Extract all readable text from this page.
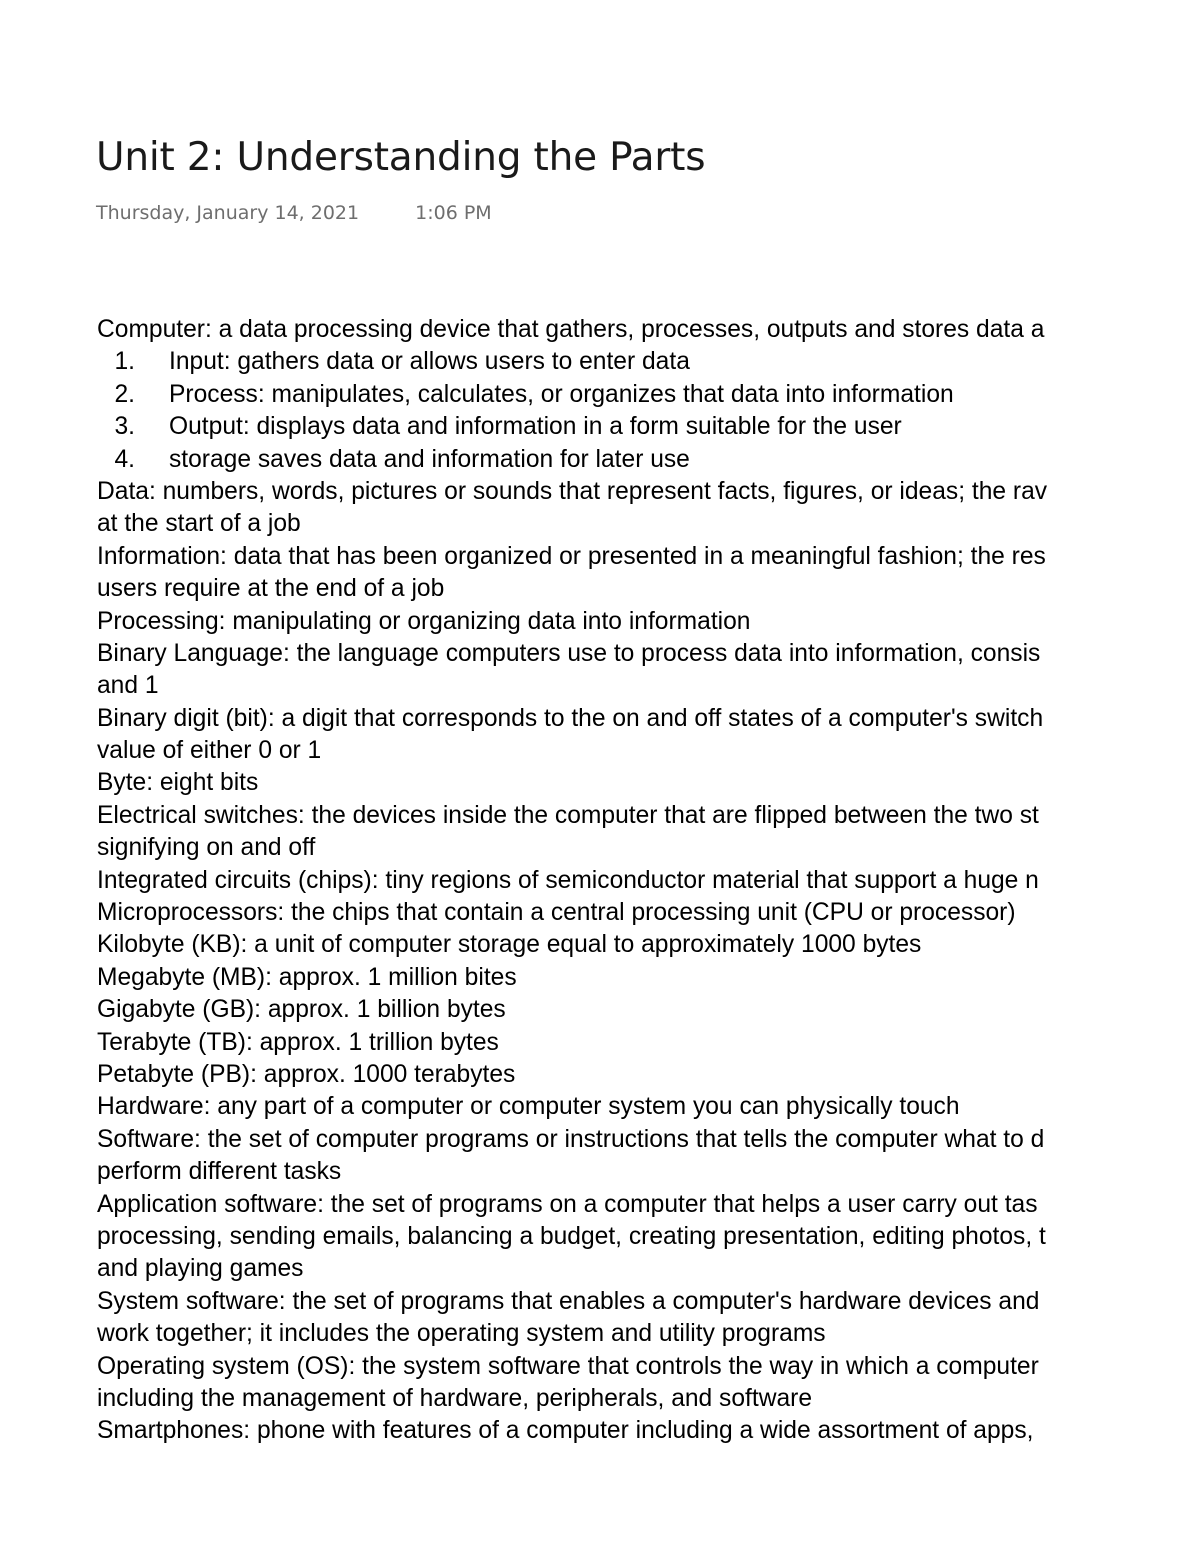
Unit 2: Understanding the Parts
Thursday, January 14, 2021	1:06 PM
Computer: a data processing device that gathers, processes, outputs and stores data a
1. Input: gathers data or allows users to enter data
2. Process: manipulates, calculates, or organizes that data into information
3. Output: displays data and information in a form suitable for the user
4. storage saves data and information for later use
Data: numbers, words, pictures or sounds that represent facts, figures, or ideas; the rav
at the start of a job
Information: data that has been organized or presented in a meaningful fashion; the res
users require at the end of a job
Processing: manipulating or organizing data into information
Binary Language: the language computers use to process data into information, consis
and 1
Binary digit (bit): a digit that corresponds to the on and off states of a computer's switch
value of either 0 or 1
Byte: eight bits
Electrical switches: the devices inside the computer that are flipped between the two st
signifying on and off
Integrated circuits (chips): tiny regions of semiconductor material that support a huge n
Microprocessors: the chips that contain a central processing unit (CPU or processor)
Kilobyte (KB): a unit of computer storage equal to approximately 1000 bytes
Megabyte (MB): approx. 1 million bites
Gigabyte (GB): approx. 1 billion bytes
Terabyte (TB): approx. 1 trillion bytes
Petabyte (PB): approx. 1000 terabytes
Hardware: any part of a computer or computer system you can physically touch
Software: the set of computer programs or instructions that tells the computer what to d
perform different tasks
Application software: the set of programs on a computer that helps a user carry out tas
processing, sending emails, balancing a budget, creating presentation, editing photos, t
and playing games
System software: the set of programs that enables a computer's hardware devices and
work together; it includes the operating system and utility programs
Operating system (OS): the system software that controls the way in which a computer
including the management of hardware, peripherals, and software
Smartphones: phone with features of a computer including a wide assortment of apps,
